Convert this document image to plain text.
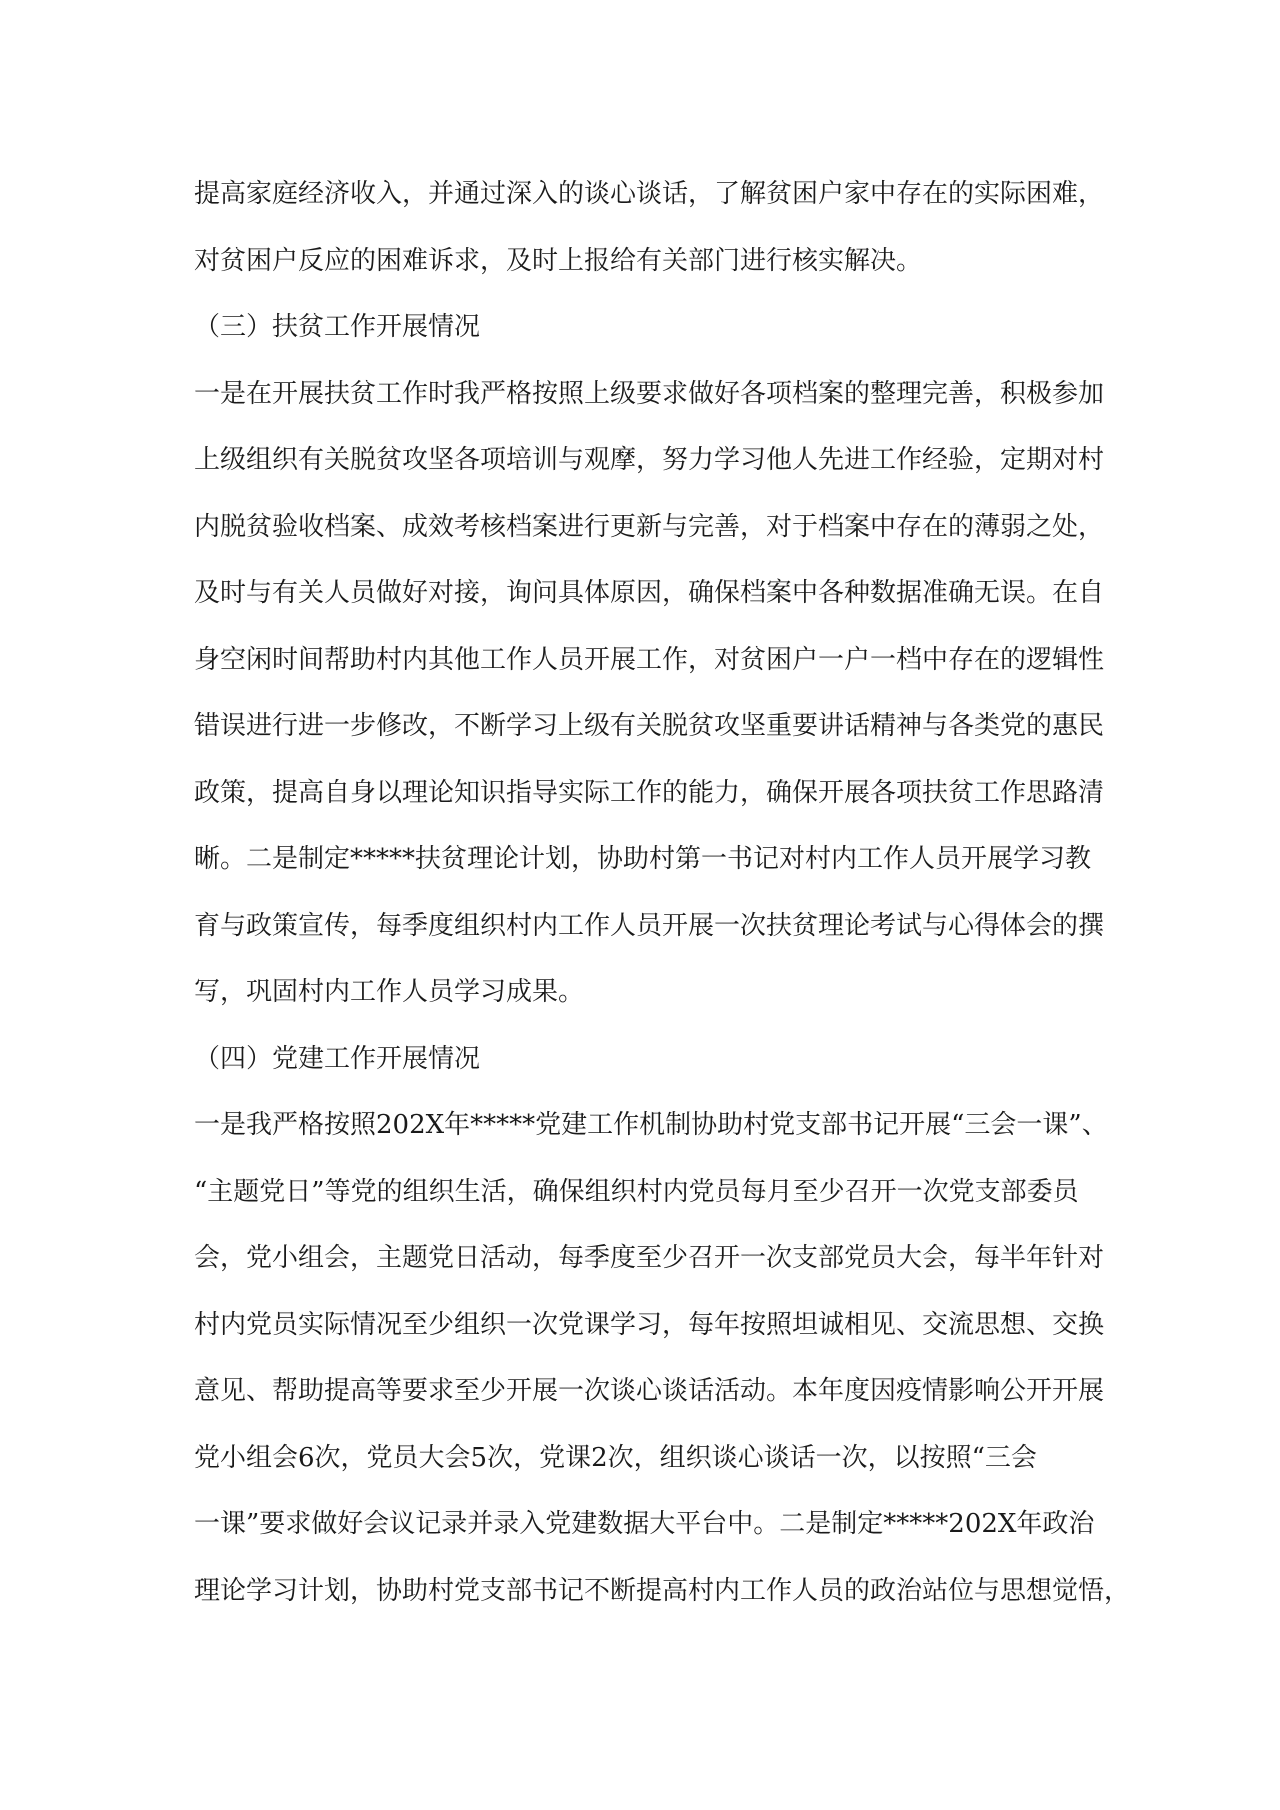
提高家庭经济收入，并通过深入的谈心谈话，了解贫困户家中存在的实际困难，
对贫困户反应的困难诉求，及时上报给有关部门进行核实解决。
（三）扶贫工作开展情况
一是在开展扶贫工作时我严格按照上级要求做好各项档案的整理完善，积极参加
上级组织有关脱贫攻坚各项培训与观摩，努力学习他人先进工作经验，定期对村
内脱贫验收档案、成效考核档案进行更新与完善，对于档案中存在的薄弱之处，
及时与有关人员做好对接，询问具体原因，确保档案中各种数据准确无误。在自
身空闲时间帮助村内其他工作人员开展工作，对贫困户一户一档中存在的逻辑性
错误进行进一步修改，不断学习上级有关脱贫攻坚重要讲话精神与各类党的惠民
政策，提高自身以理论知识指导实际工作的能力，确保开展各项扶贫工作思路清
晰。二是制定*****扶贫理论计划，协助村第一书记对村内工作人员开展学习教
育与政策宣传，每季度组织村内工作人员开展一次扶贫理论考试与心得体会的撰
写，巩固村内工作人员学习成果。
（四）党建工作开展情况
一是我严格按照202X年*****党建工作机制协助村党支部书记开展“三会一课”、
“主题党日”等党的组织生活，确保组织村内党员每月至少召开一次党支部委员
会，党小组会，主题党日活动，每季度至少召开一次支部党员大会，每半年针对
村内党员实际情况至少组织一次党课学习，每年按照坦诚相见、交流思想、交换
意见、帮助提高等要求至少开展一次谈心谈话活动。本年度因疫情影响公开开展
党小组会6次，党员大会5次，党课2次，组织谈心谈话一次，以按照“三会
一课”要求做好会议记录并录入党建数据大平台中。二是制定*****202X年政治
理论学习计划，协助村党支部书记不断提高村内工作人员的政治站位与思想觉悟，
